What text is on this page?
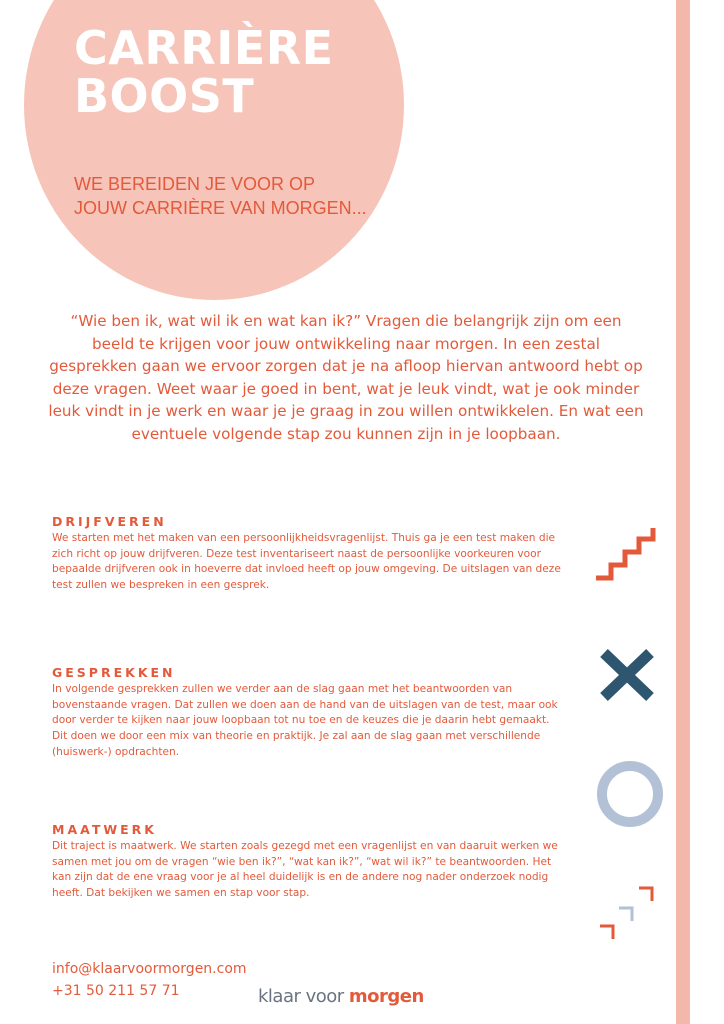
CARRIÈRE
BOOST

WE BEREIDEN JE VOOR OP
JOUW CARRIÈRE VAN MORGEN...

“Wie ben ik, wat wil ik en wat kan ik?” Vragen die belangrijk zijn om een beeld te krijgen voor jouw ontwikkeling naar morgen. In een zestal gesprekken gaan we ervoor zorgen dat je na afloop hiervan antwoord hebt op deze vragen. Weet waar je goed in bent, wat je leuk vindt, wat je ook minder leuk vindt in je werk en waar je je graag in zou willen ontwikkelen. En wat een eventuele volgende stap zou kunnen zijn in je loopbaan.

DRIJFVEREN

We starten met het maken van een persoonlijkheidsvragenlijst. Thuis ga je een test maken die zich richt op jouw drijfveren. Deze test inventariseert naast de persoonlijke voorkeuren voor bepaalde drijfveren ook in hoeverre dat invloed heeft op jouw omgeving. De uitslagen van deze test zullen we bespreken in een gesprek.

GESPREKKEN

In volgende gesprekken zullen we verder aan de slag gaan met het beantwoorden van bovenstaande vragen. Dat zullen we doen aan de hand van de uitslagen van de test, maar ook door verder te kijken naar jouw loopbaan tot nu toe en de keuzes die je daarin hebt gemaakt. Dit doen we door een mix van theorie en praktijk. Je zal aan de slag gaan met verschillende (huiswerk-) opdrachten.

MAATWERK

Dit traject is maatwerk. We starten zoals gezegd met een vragenlijst en van daaruit werken we samen met jou om de vragen “wie ben ik?”, “wat kan ik?”, “wat wil ik?” te beantwoorden. Het kan zijn dat de ene vraag voor je al heel duidelijk is en de andere nog nader onderzoek nodig heeft. Dat bekijken we samen en stap voor stap.

info@klaarvoormorgen.com
+31 50 211 57 71	klaar voor morgen
